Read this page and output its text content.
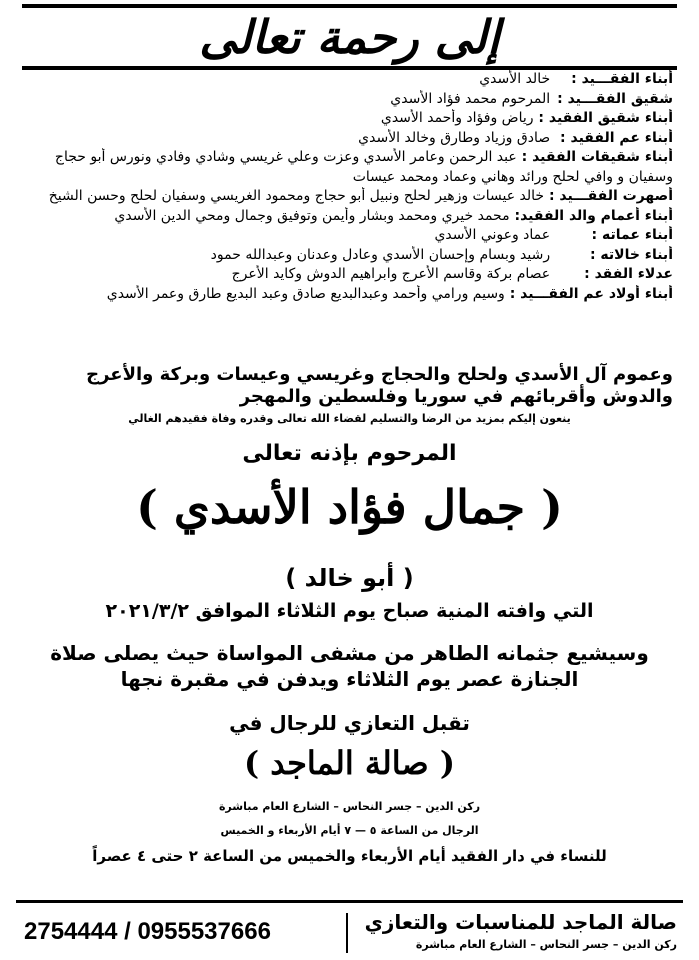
إلى رحمة تعالى
أبناء الفقـــيد : خالد الأسدي
شقيق الفقـــيد : المرحوم محمد فؤاد الأسدي
أبناء شقيق الفقيد : رياض وفؤاد وأحمد الأسدي
أبناء عم الفقيد : صادق وزياد وطارق وخالد الأسدي
أبناء شقيقات الفقيد : عبد الرحمن وعامر الأسدي وعزت وعلي غريسي وشادي وفادي ونورس أبو حجاج وسفيان و وافي لحلح ورائد وهاني وعماد ومحمد عيسات
أصهرت الفقـــيد : خالد عيسات وزهير لحلح ونبيل أبو حجاج ومحمود الغريسي وسفيان لحلح وحسن الشيخ
أبناء أعمام والد الفقيد: محمد خيري ومحمد وبشار وأيمن وتوفيق وجمال ومحي الدين الأسدي
أبناء عماته : عماد وعوني الأسدي
أبناء خالاته : رشيد وبسام وإحسان الأسدي وعادل وعدنان وعبدالله حمود
عدلاء الفقد : عصام بركة وقاسم الأعرج وابراهيم الدوش وكايد الأعرج
أبناء أولاد عم الفقـــيد : وسيم ورامي وأحمد وعبدالبديع صادق وعبد البديع طارق وعمر الأسدي
وعموم آل الأسدي ولحلح والحجاج وغريسي وعيسات وبركة والأعرج والدوش وأقربائهم في سوريا وفلسطين والمهجر
ينعون إليكم بمزيد من الرضا والتسليم لقضاء الله تعالى وقدره وفاة فقيدهم الغالي
المرحوم بإذنه تعالى
( جمال فؤاد الأسدي )
( أبو خالد )
التي وافته المنية صباح يوم الثلاثاء الموافق ٢٠٢١/٣/٢
وسيشيع جثمانه الطاهر من مشفى المواساة حيث يصلى صلاة الجنازة عصر يوم الثلاثاء ويدفن في مقبرة نجها
تقبل التعازي للرجال في
( صالة الماجد )
ركن الدين – جسر النحاس – الشارع العام مباشرة
الرجال من الساعة ٥ — ٧ أيام الأربعاء و الخميس
للنساء في دار الفقيد أيام الأربعاء والخميس من الساعة ٢ حتى ٤ عصراً
صالة الماجد للمناسبات والتعازي
ركن الدين – جسر النحاس – الشارع العام مباشرة
2754444 / 0955537666
